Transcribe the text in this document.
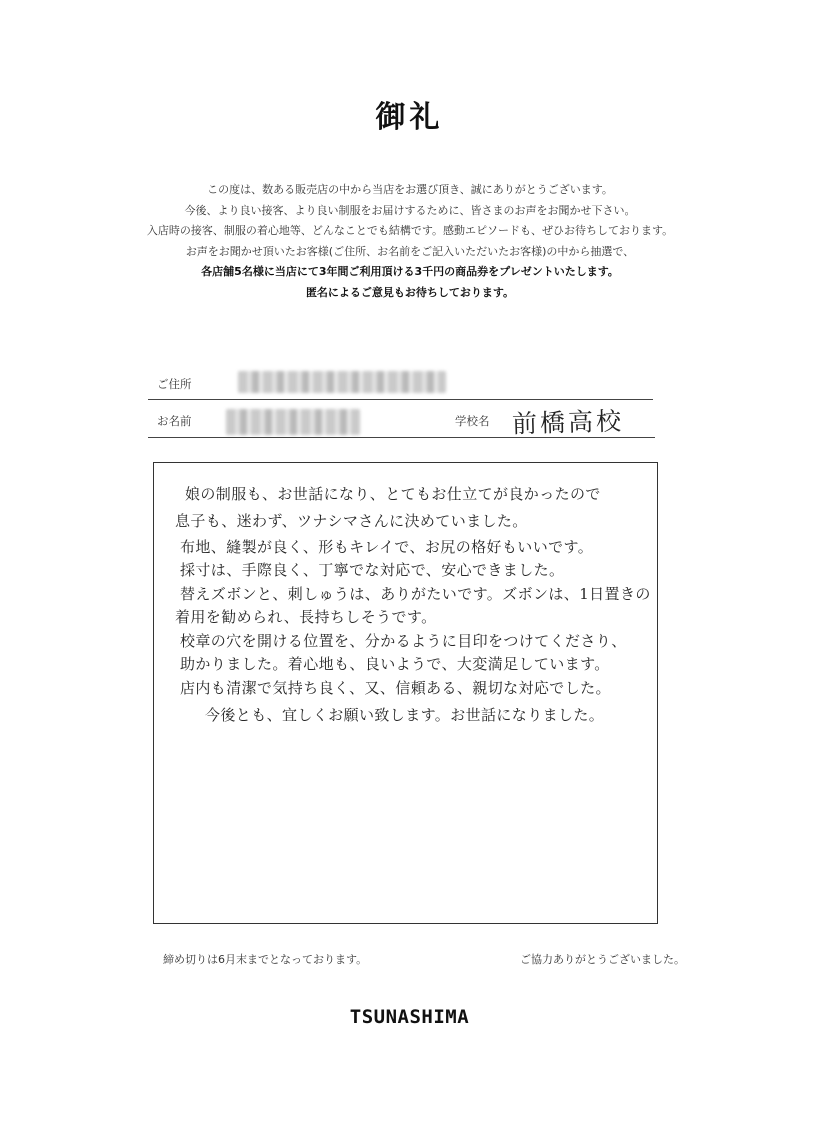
御礼
この度は、数ある販売店の中から当店をお選び頂き、誠にありがとうございます。
今後、より良い接客、より良い制服をお届けするために、皆さまのお声をお聞かせ下さい。
入店時の接客、制服の着心地等、どんなことでも結構です。感動エピソードも、ぜひお待ちしております。
お声をお聞かせ頂いたお客様(ご住所、お名前をご記入いただいたお客様)の中から抽選で、
各店舗5名様に当店にて3年間ご利用頂ける3千円の商品券をプレゼントいたします。
匿名によるご意見もお待ちしております。
ご住所
お名前	学校名 前橋高校
娘の制服も、お世話になり、とてもお仕立てが良かったので
息子も、迷わず、ツナシマさんに決めていました。
布地、縫製が良く、形もキレイで、お尻の格好もいいです。
採寸は、手際良く、丁寧でな対応で、安心できました。
替えズボンと、刺しゅうは、ありがたいです。ズボンは、1日置きの
着用を勧められ、長持ちしそうです。
校章の穴を開ける位置を、分かるように目印をつけてくださり、
助かりました。着心地も、良いようで、大変満足しています。
店内も清潔で気持ち良く、又、信頼ある、親切な対応でした。
今後とも、宜しくお願い致します。お世話になりました。
締め切りは6月末までとなっております。	ご協力ありがとうございました。
TSUNASHIMA
